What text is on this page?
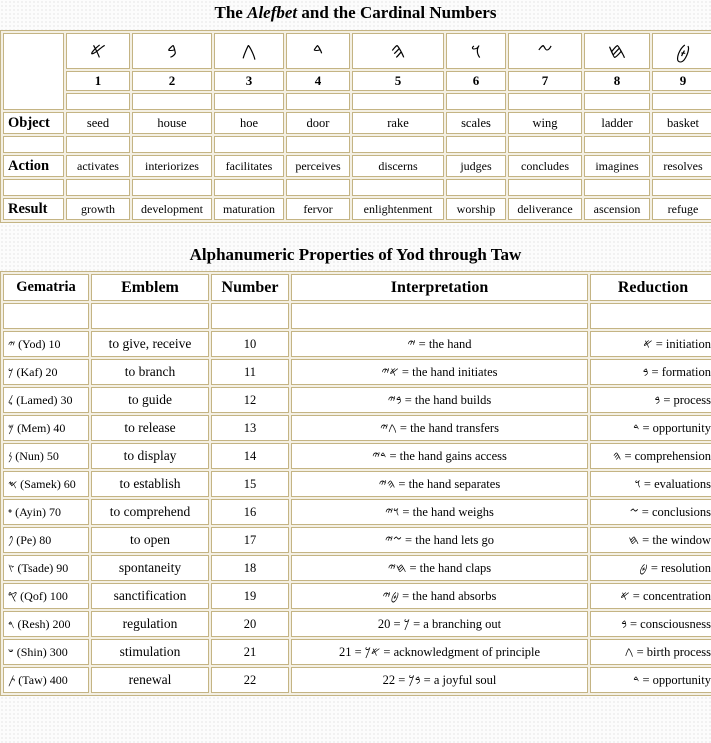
The Alefbet and the Cardinal Numbers
	𐤀	𐤁	𐤂	𐤃	𐤄	𐤅	𐤆	𐤇	𐤈
	1	2	3	4	5	6	7	8	9

Object	seed	house	hoe	door	rake	scales	wing	ladder	basket

Action	activates	interiorizes	facilitates	perceives	discerns	judges	concludes	imagines	resolves

Result	growth	development	maturation	fervor	enlightenment	worship	deliverance	ascension	refuge
Alphanumeric Properties of Yod through Taw
Gematria	Emblem	Number	Interpretation	Reduction

𐤉 (Yod) 10	to give, receive	10	𐤉 = the hand	𐤀 = initiation
𐤊 (Kaf) 20	to branch	11	𐤀𐤉 = the hand initiates	𐤁 = formation
𐤋 (Lamed) 30	to guide	12	𐤁𐤉 = the hand builds	𐤁 = process
𐤌 (Mem) 40	to release	13	𐤂𐤉 = the hand transfers	𐤃 = opportunity
𐤍 (Nun) 50	to display	14	𐤃𐤉 = the hand gains access	𐤄 = comprehension
𐤎 (Samek) 60	to establish	15	𐤄𐤉 = the hand separates	𐤅 = evaluations
𐤏 (Ayin) 70	to comprehend	16	𐤅𐤉 = the hand weighs	𐤆 = conclusions
𐤐 (Pe) 80	to open	17	𐤆𐤉 = the hand lets go	𐤇 = the window
𐤑 (Tsade) 90	spontaneity	18	𐤇𐤉 = the hand claps	𐤈 = resolution
𐤒 (Qof) 100	sanctification	19	𐤈𐤉 = the hand absorbs	𐤀 = concentration
𐤓 (Resh) 200	regulation	20	20 = 𐤊 = a branching out	𐤁 = consciousness
𐤔 (Shin) 300	stimulation	21	21 = 𐤀𐤊 = acknowledgment of principle	𐤂 = birth process
𐤕 (Taw) 400	renewal	22	22 = 𐤁𐤊 = a joyful soul	𐤃 = opportunity
